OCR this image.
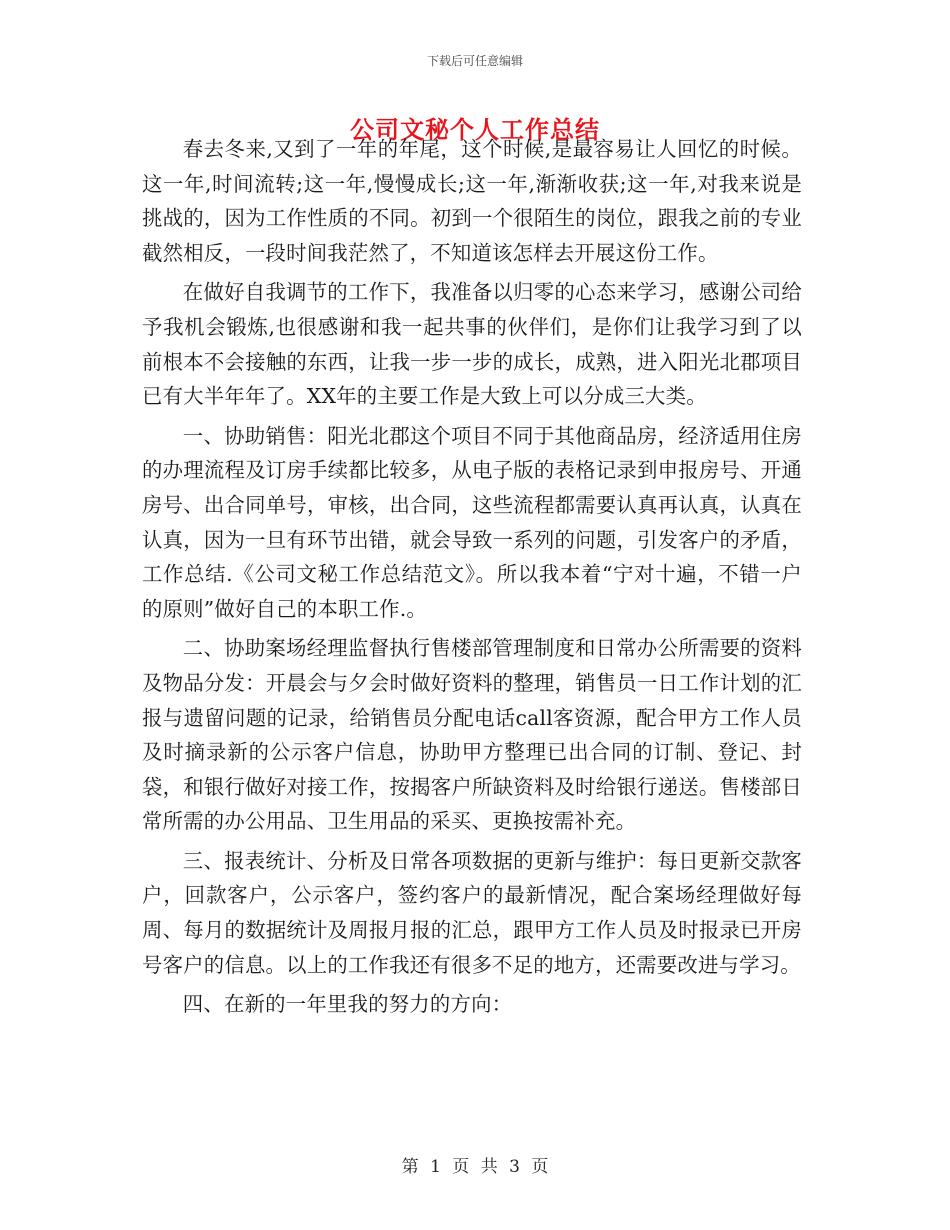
下载后可任意编辑
公司文秘个人工作总结

春去冬来,又到了一年的年尾，这个时候,是最容易让人回忆的时候。这一年,时间流转;这一年,慢慢成长;这一年,渐渐收获;这一年,对我来说是挑战的，因为工作性质的不同。初到一个很陌生的岗位，跟我之前的专业截然相反，一段时间我茫然了，不知道该怎样去开展这份工作。

在做好自我调节的工作下，我准备以归零的心态来学习，感谢公司给予我机会锻炼,也很感谢和我一起共事的伙伴们，是你们让我学习到了以前根本不会接触的东西，让我一步一步的成长，成熟，进入阳光北郡项目已有大半年年了。XX年的主要工作是大致上可以分成三大类。

一、协助销售：阳光北郡这个项目不同于其他商品房，经济适用住房的办理流程及订房手续都比较多，从电子版的表格记录到申报房号、开通房号、出合同单号，审核，出合同，这些流程都需要认真再认真，认真在认真，因为一旦有环节出错，就会导致一系列的问题，引发客户的矛盾，工作总结.《公司文秘工作总结范文》。所以我本着“宁对十遍，不错一户的原则”做好自己的本职工作.。

二、协助案场经理监督执行售楼部管理制度和日常办公所需要的资料及物品分发：开晨会与夕会时做好资料的整理，销售员一日工作计划的汇报与遗留问题的记录，给销售员分配电话call客资源，配合甲方工作人员及时摘录新的公示客户信息，协助甲方整理已出合同的订制、登记、封袋，和银行做好对接工作，按揭客户所缺资料及时给银行递送。售楼部日常所需的办公用品、卫生用品的采买、更换按需补充。

三、报表统计、分析及日常各项数据的更新与维护：每日更新交款客户，回款客户，公示客户，签约客户的最新情况，配合案场经理做好每周、每月的数据统计及周报月报的汇总，跟甲方工作人员及时报录已开房号客户的信息。以上的工作我还有很多不足的地方，还需要改进与学习。

四、在新的一年里我的努力的方向：

第 1 页 共 3 页
